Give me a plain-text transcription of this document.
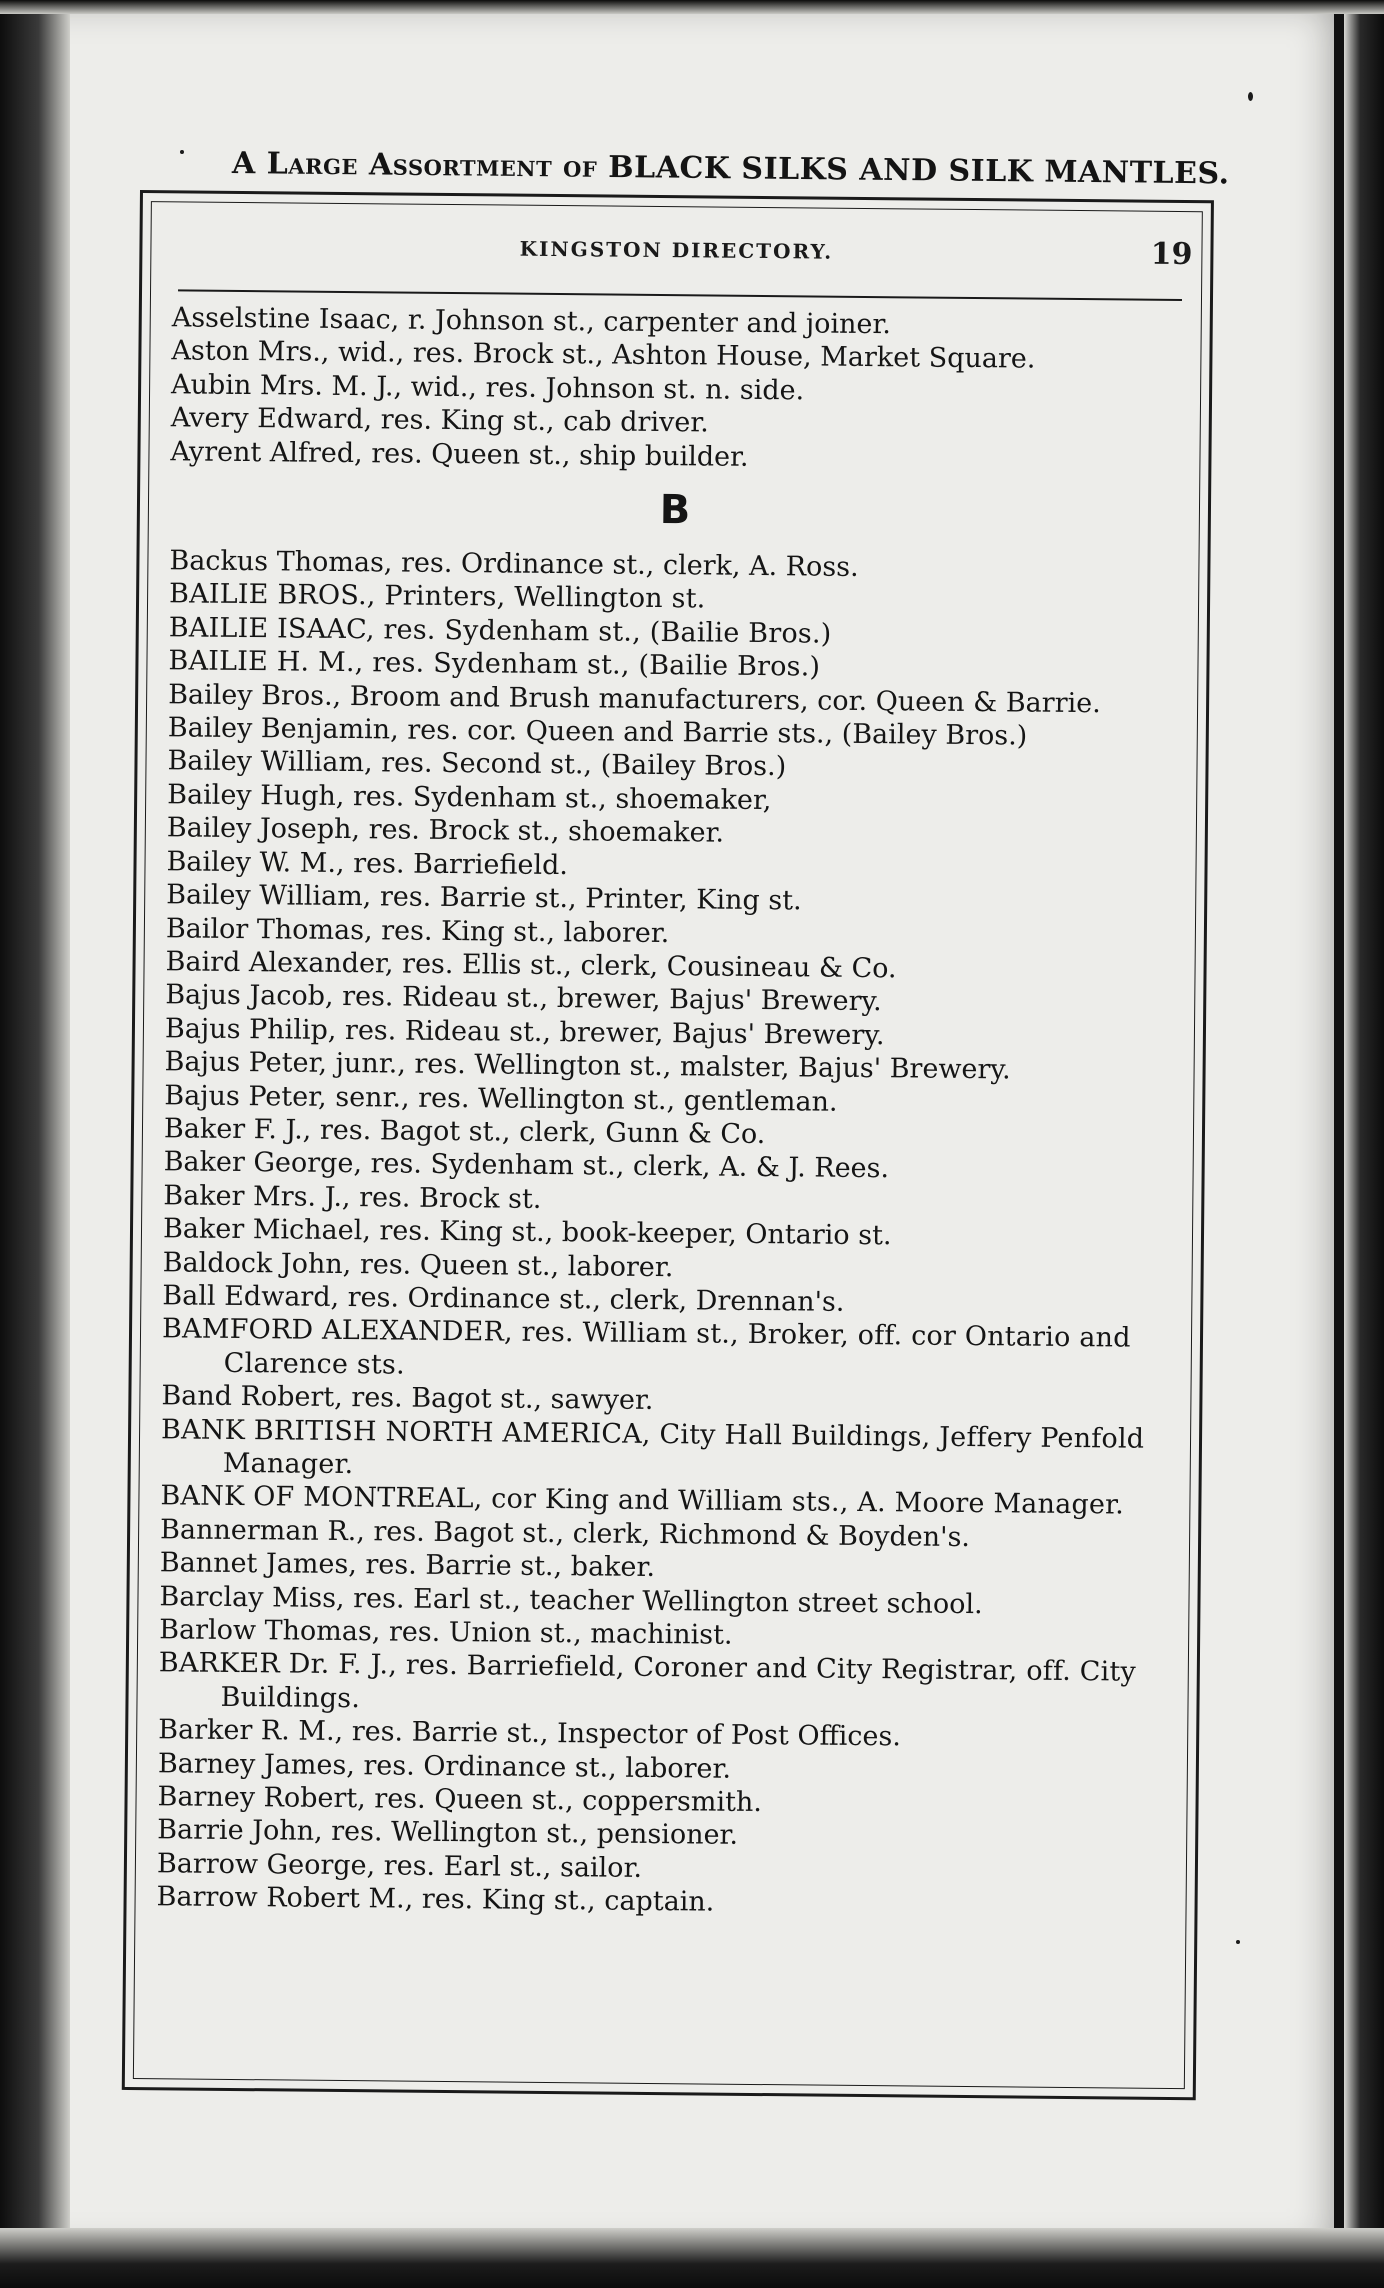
A Large Assortment of BLACK SILKS AND SILK MANTLES.
KINGSTON DIRECTORY.	19
Asselstine Isaac, r. Johnson st., carpenter and joiner.
Aston Mrs., wid., res. Brock st., Ashton House, Market Square.
Aubin Mrs. M. J., wid., res. Johnson st. n. side.
Avery Edward, res. King st., cab driver.
Ayrent Alfred, res. Queen st., ship builder.
B
Backus Thomas, res. Ordinance st., clerk, A. Ross.
BAILIE BROS., Printers, Wellington st.
BAILIE ISAAC, res. Sydenham st., (Bailie Bros.)
BAILIE H. M., res. Sydenham st., (Bailie Bros.)
Bailey Bros., Broom and Brush manufacturers, cor. Queen & Barrie.
Bailey Benjamin, res. cor. Queen and Barrie sts., (Bailey Bros.)
Bailey William, res. Second st., (Bailey Bros.)
Bailey Hugh, res. Sydenham st., shoemaker,
Bailey Joseph, res. Brock st., shoemaker.
Bailey W. M., res. Barriefield.
Bailey William, res. Barrie st., Printer, King st.
Bailor Thomas, res. King st., laborer.
Baird Alexander, res. Ellis st., clerk, Cousineau & Co.
Bajus Jacob, res. Rideau st., brewer, Bajus' Brewery.
Bajus Philip, res. Rideau st., brewer, Bajus' Brewery.
Bajus Peter, junr., res. Wellington st., malster, Bajus' Brewery.
Bajus Peter, senr., res. Wellington st., gentleman.
Baker F. J., res. Bagot st., clerk, Gunn & Co.
Baker George, res. Sydenham st., clerk, A. & J. Rees.
Baker Mrs. J., res. Brock st.
Baker Michael, res. King st., book-keeper, Ontario st.
Baldock John, res. Queen st., laborer.
Ball Edward, res. Ordinance st., clerk, Drennan's.
BAMFORD ALEXANDER, res. William st., Broker, off. cor Ontario and Clarence sts.
Band Robert, res. Bagot st., sawyer.
BANK BRITISH NORTH AMERICA, City Hall Buildings, Jeffery Penfold Manager.
BANK OF MONTREAL, cor King and William sts., A. Moore Manager.
Bannerman R., res. Bagot st., clerk, Richmond & Boyden's.
Bannet James, res. Barrie st., baker.
Barclay Miss, res. Earl st., teacher Wellington street school.
Barlow Thomas, res. Union st., machinist.
BARKER Dr. F. J., res. Barriefield, Coroner and City Registrar, off. City Buildings.
Barker R. M., res. Barrie st., Inspector of Post Offices.
Barney James, res. Ordinance st., laborer.
Barney Robert, res. Queen st., coppersmith.
Barrie John, res. Wellington st., pensioner.
Barrow George, res. Earl st., sailor.
Barrow Robert M., res. King st., captain.
